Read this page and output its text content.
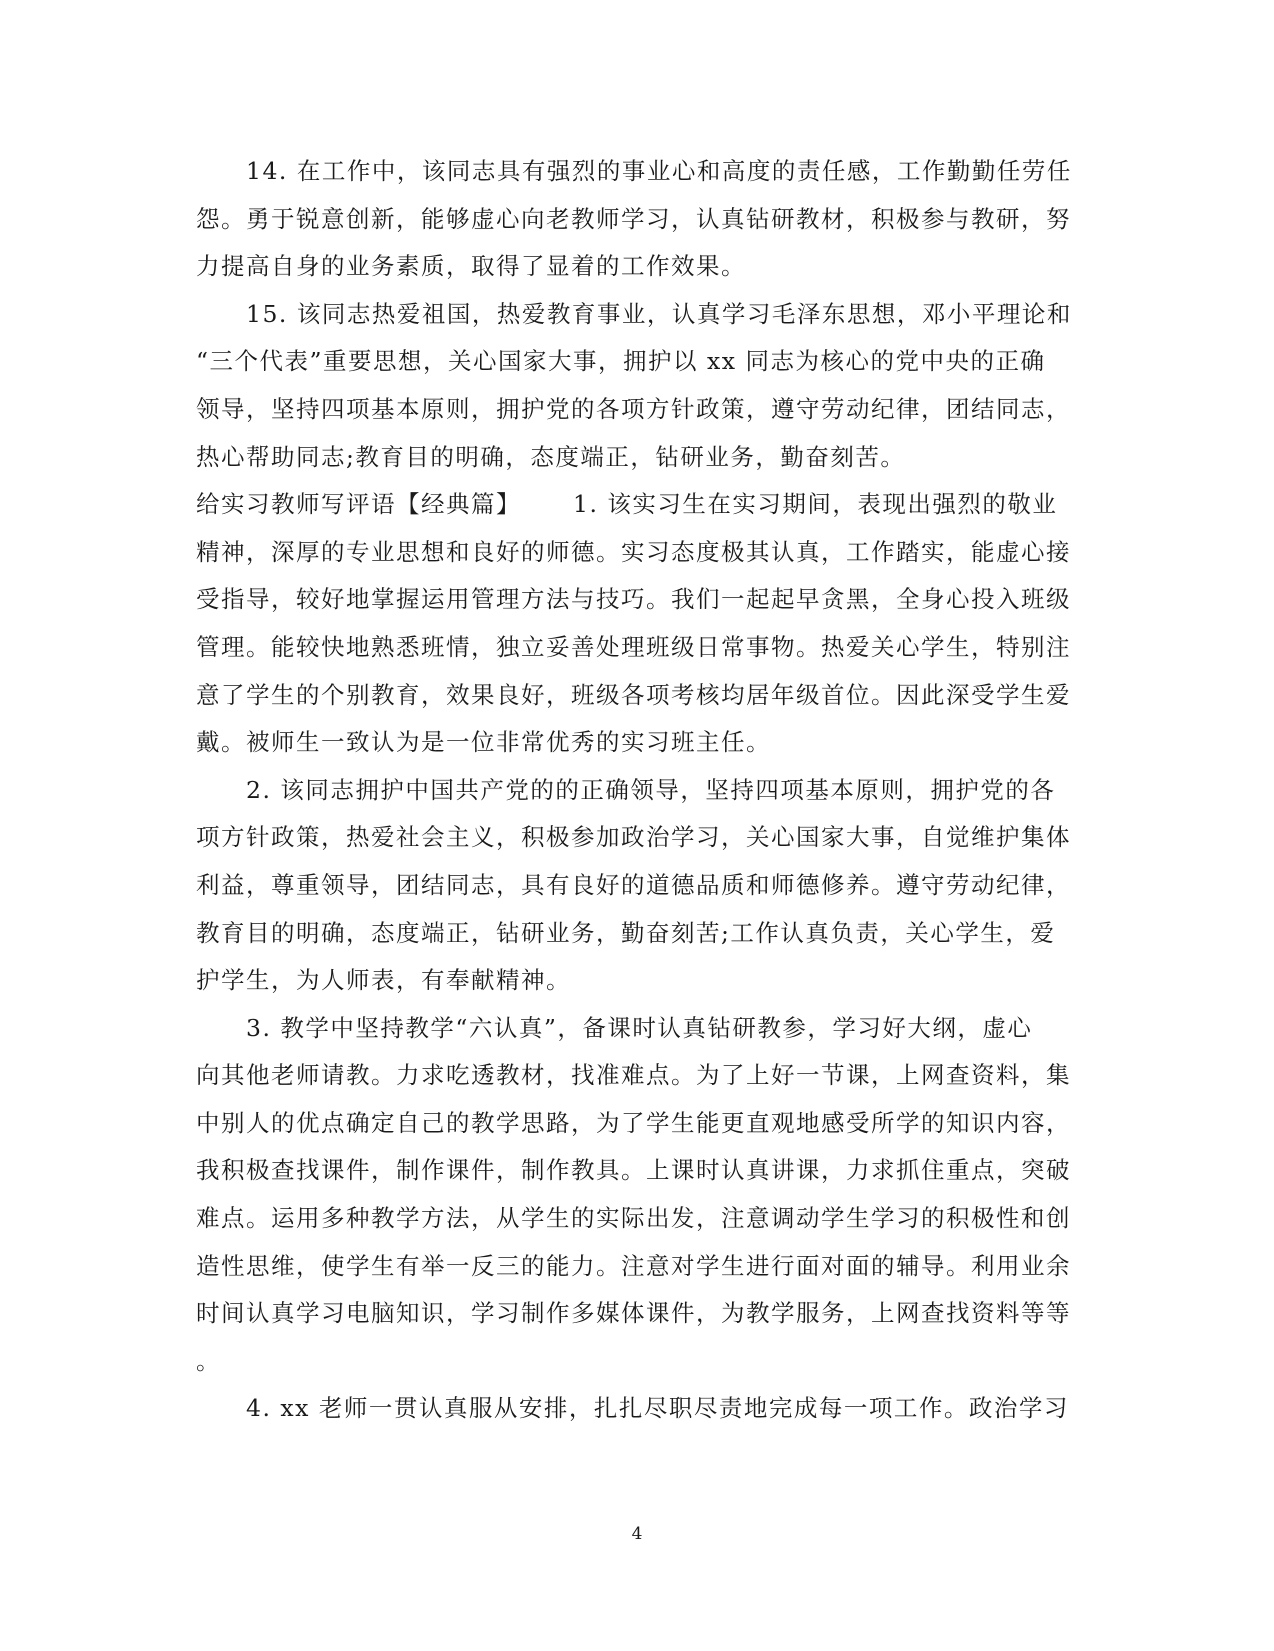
14. 在工作中，该同志具有强烈的事业心和高度的责任感，工作勤勤任劳任
怨。勇于锐意创新，能够虚心向老教师学习，认真钻研教材，积极参与教研，努
力提高自身的业务素质，取得了显着的工作效果。
15. 该同志热爱祖国，热爱教育事业，认真学习毛泽东思想，邓小平理论和
“三个代表”重要思想，关心国家大事，拥护以 xx 同志为核心的党中央的正确
领导，坚持四项基本原则，拥护党的各项方针政策，遵守劳动纪律，团结同志，
热心帮助同志;教育目的明确，态度端正，钻研业务，勤奋刻苦。
给实习教师写评语【经典篇】 1. 该实习生在实习期间，表现出强烈的敬业
精神，深厚的专业思想和良好的师德。实习态度极其认真，工作踏实，能虚心接
受指导，较好地掌握运用管理方法与技巧。我们一起起早贪黑，全身心投入班级
管理。能较快地熟悉班情，独立妥善处理班级日常事物。热爱关心学生，特别注
意了学生的个别教育，效果良好，班级各项考核均居年级首位。因此深受学生爱
戴。被师生一致认为是一位非常优秀的实习班主任。
2. 该同志拥护中国共产党的的正确领导，坚持四项基本原则，拥护党的各
项方针政策，热爱社会主义，积极参加政治学习，关心国家大事，自觉维护集体
利益，尊重领导，团结同志，具有良好的道德品质和师德修养。遵守劳动纪律，
教育目的明确，态度端正，钻研业务，勤奋刻苦;工作认真负责，关心学生，爱
护学生，为人师表，有奉献精神。
3. 教学中坚持教学“六认真”，备课时认真钻研教参，学习好大纲，虚心
向其他老师请教。力求吃透教材，找准难点。为了上好一节课，上网查资料，集
中别人的优点确定自己的教学思路，为了学生能更直观地感受所学的知识内容，
我积极查找课件，制作课件，制作教具。上课时认真讲课，力求抓住重点，突破
难点。运用多种教学方法，从学生的实际出发，注意调动学生学习的积极性和创
造性思维，使学生有举一反三的能力。注意对学生进行面对面的辅导。利用业余
时间认真学习电脑知识，学习制作多媒体课件，为教学服务，上网查找资料等等
。
4. xx 老师一贯认真服从安排，扎扎尽职尽责地完成每一项工作。政治学习
4
